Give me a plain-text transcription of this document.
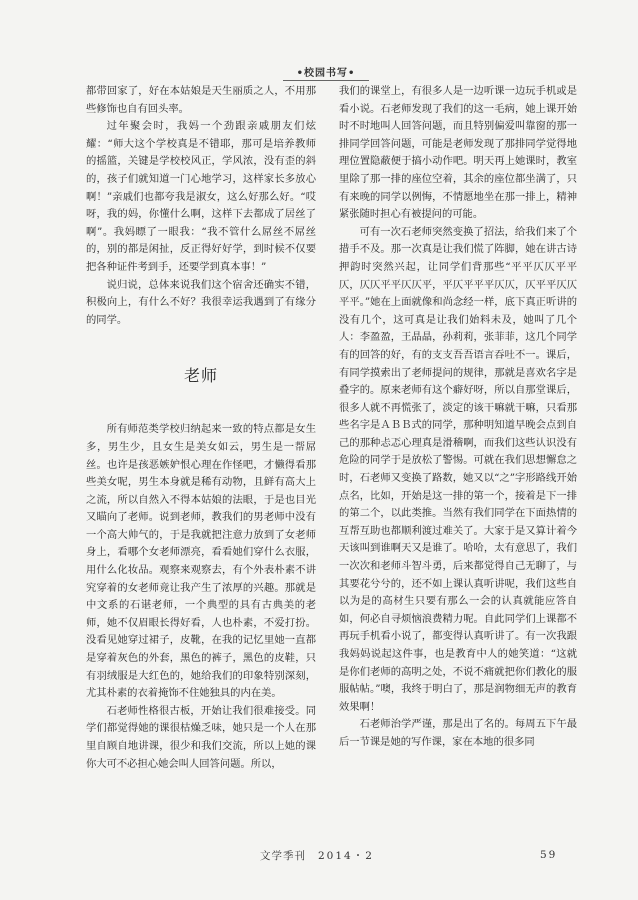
•校园书写•

都带回家了，好在本姑娘是天生丽质之人，不用那些修饰也自有回头率。

过年聚会时，我妈一个劲跟亲戚朋友们炫耀：“师大这个学校真是不错耶，那可是培养教师的摇篮，关键是学校校风正，学风浓，没有歪的斜的，孩子们就知道一门心地学习，这样家长多放心啊！”亲戚们也都夸我是淑女，这么好那么好。“哎呀，我的妈，你懂什么啊，这样下去都成了居丝了啊”。我妈瞟了一眼我：“我不管什么屌丝不屌丝的，别的都是闲扯，反正得好好学，到时候不仅要把各种证件考到手，还要学到真本事！”

说归说，总体来说我们这个宿舍还确实不错，积极向上，有什么不好？我很幸运我遇到了有缘分的同学。

老师

所有师范类学校归纳起来一致的特点都是女生多，男生少，且女生是美女如云，男生是一帮屌丝。也许是孩恶嫉妒恨心理在作怪吧，才懒得看那些美女呢，男生本身就是稀有动物，且鲜有高大上之流，所以自然入不得本姑娘的法眼，于是也目光又瞄向了老师。说到老师，教我们的男老师中没有一个高大帅气的，于是我就把注意力放到了女老师身上，看哪个女老师漂亮，看看她们穿什么衣服，用什么化妆品。观察来观察去，有个外表朴素不讲究穿着的女老师竟让我产生了浓厚的兴趣。那就是中文系的石谌老师，一个典型的具有古典美的老师，她不仅眉眼长得好看，人也朴素，不爱打扮。没看见她穿过裙子，皮靴，在我的记忆里她一直都是穿着灰色的外套，黑色的裤子，黑色的皮鞋，只有羽绒服是大红色的，她给我们的印象特别深刻，尤其朴素的衣着掩饰不住她独具的内在美。

石老师性格很古板，开始让我们很难接受。同学们都觉得她的课很枯燥乏味，她只是一个人在那里自顾自地讲课，很少和我们交流，所以上她的课你大可不必担心她会叫人回答问题。所以，

我们的课堂上，有很多人是一边听课一边玩手机或是看小说。石老师发现了我们的这一毛病，她上课开始时不时地叫人回答问题，而且特别偏爱叫靠窗的那一排同学回答问题，可能是老师发现了那排同学觉得地理位置隐蔽便于搞小动作吧。明天再上她课时，教室里除了那一排的座位空着，其余的座位都坐满了，只有来晚的同学以例悔，不情愿地坐在那一排上，精神紧张随时担心有被提问的可能。

可有一次石老师突然变换了招法，给我们来了个措手不及。那一次真是让我们慌了阵脚，她在讲古诗押韵时突然兴起，让同学们背那些“平平仄仄平平仄，仄仄平平仄仄平，平仄平平平仄仄，仄平平仄仄平平。”她在上面就像和尚念经一样，底下真正听讲的没有几个，这可真是让我们始料未及，她叫了几个人：李盈盈，王晶晶，孙莉莉，张菲菲，这几个同学有的回答的好，有的支支吾吾语言吞吐不一。课后，有同学摸索出了老师提问的规律，那就是喜欢名字是叠字的。原来老师有这个癖好呀，所以自那堂课后，很多人就不再慌张了，淡定的该干嘛就干嘛，只看那些名字是ＡＢＢ式的同学，那种明知道早晚会点到自己的那种忐忑心理真是滑稽啊，而我们这些认识没有危险的同学于是放松了警惕。可就在我们思想懈怠之时，石老师又变换了路数，她又以“之”字形路线开始点名，比如，开始是这一排的第一个，接着是下一排的第二个，以此类推。当然有我们同学在下面热情的互帮互助也都顺利渡过难关了。大家于是又算计着今天该叫到谁啊天又是谁了。哈哈，太有意思了，我们一次次和老师斗智斗勇，后来都觉得自己无聊了，与其要花兮兮的，还不如上课认真听讲呢，我们这些自以为是的高材生只要有那么一会的认真就能应答自如，何必自寻烦恼浪费精力呢。自此同学们上课都不再玩手机看小说了，都变得认真听讲了。有一次我跟我妈妈说起这件事，也是教育中人的她笑道：“这就是你们老师的高明之处，不说不痛就把你们教化的服服帖帖。”噢，我终于明白了，那是润物细无声的教育效果啊！

石老师治学严谨，那是出了名的。每周五下午最后一节课是她的写作课，家在本地的很多同

文学季刊 2014・2	59
